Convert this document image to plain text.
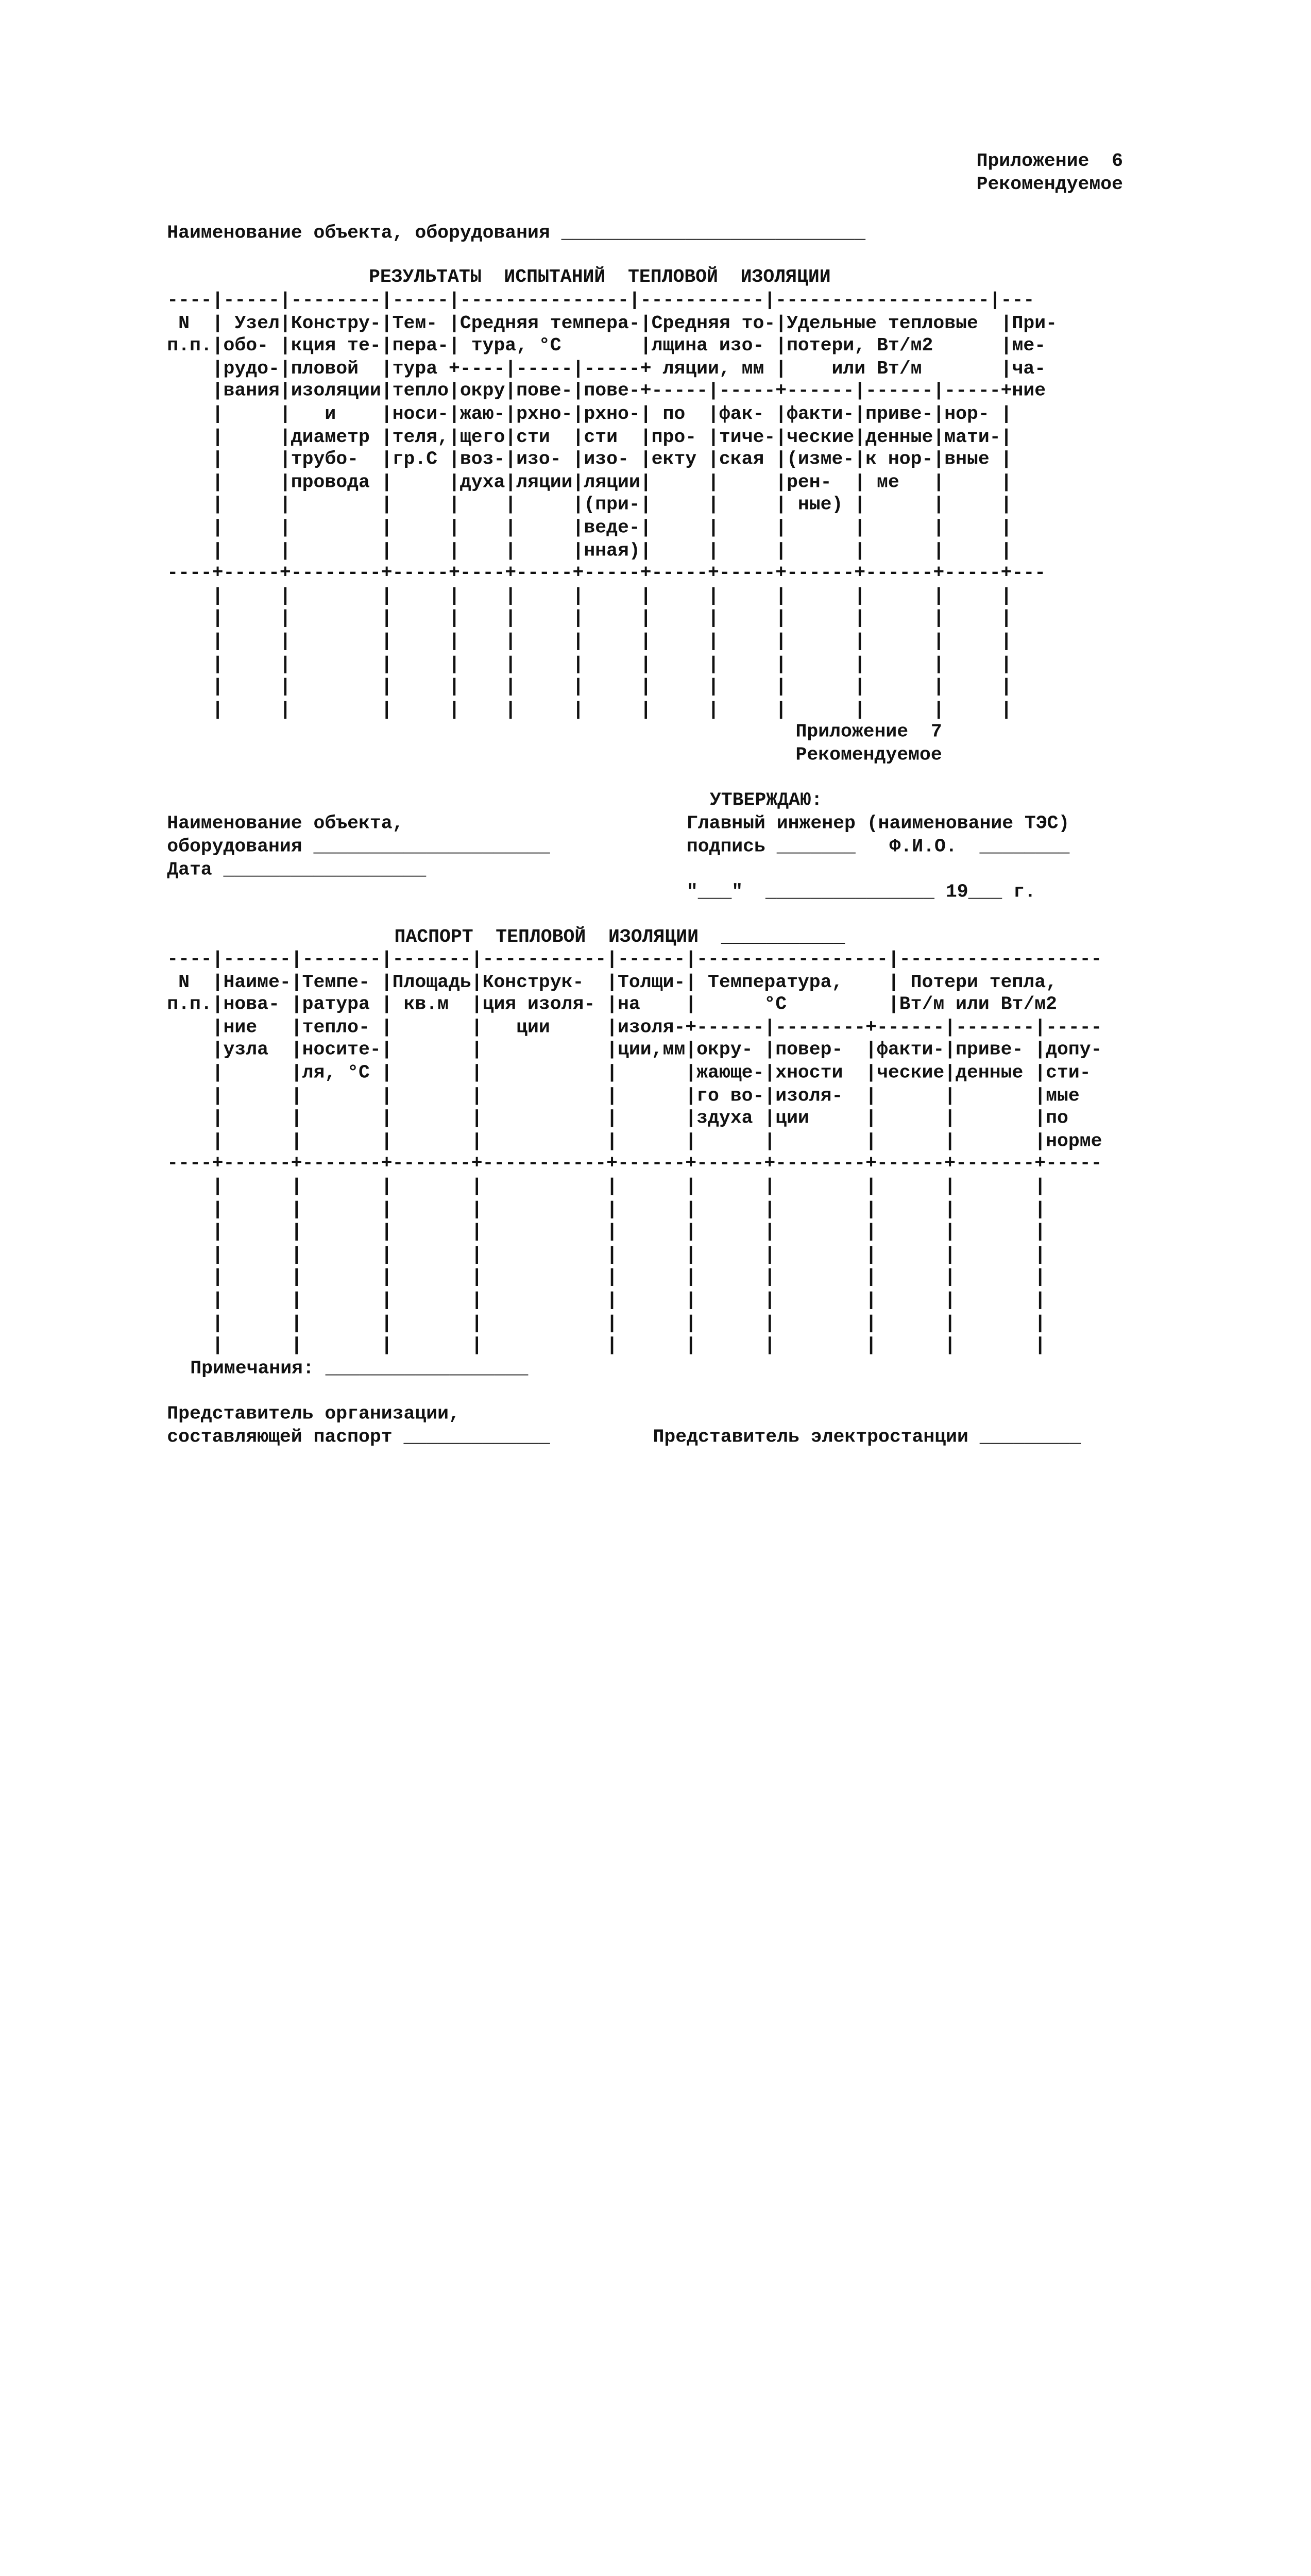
Приложение  6
Рекомендуемое
Наименование объекта, оборудования ___________________________
РЕЗУЛЬТАТЫ  ИСПЫТАНИЙ  ТЕПЛОВОЙ  ИЗОЛЯЦИИ
----|-----|--------|-----|---------------|-----------|-------------------|---
N  | Узел|Констру-|Тем- |Средняя темпера-|Средняя то-|Удельные тепловые  |При-
п.п.|обо- |кция те-|пера-| тура, °С       |лщина изо- |потери, Вт/м2      |ме-
|рудо-|пловой  |тура +----|-----|-----+ ляции, мм |    или Вт/м       |ча-
|вания|изоляции|тепло|окру|пове-|пове-+-----|-----+------|------|-----+ние
|     |   и    |носи-|жаю-|рхно-|рхно-| по  |фак- |факти-|приве-|нор- |
|     |диаметр |теля,|щего|сти  |сти  |про- |тиче-|ческие|денные|мати-|
|     |трубо-  |гр.С |воз-|изо- |изо- |екту |ская |(изме-|к нор-|вные |
|     |провода |     |духа|ляции|ляции|     |     |рен-  | ме   |     |
|     |        |     |    |     |(при-|     |     | ные) |      |     |
|     |        |     |    |     |веде-|     |     |      |      |     |
|     |        |     |    |     |нная)|     |     |      |      |     |
----+-----+--------+-----+----+-----+-----+-----+-----+------+------+-----+---
|     |        |     |    |     |     |     |     |      |      |     |
|     |        |     |    |     |     |     |     |      |      |     |
|     |        |     |    |     |     |     |     |      |      |     |
|     |        |     |    |     |     |     |     |      |      |     |
|     |        |     |    |     |     |     |     |      |      |     |
|     |        |     |    |     |     |     |     |      |      |     |
Приложение  7
Рекомендуемое
УТВЕРЖДАЮ:
Главный инженер (наименование ТЭС)
подпись _______   Ф.И.О.  ________
"___"  _______________ 19___ г.
Наименование объекта,
оборудования _____________________
Дата __________________
ПАСПОРТ  ТЕПЛОВОЙ  ИЗОЛЯЦИИ  ___________
----|------|-------|-------|-----------|------|-----------------|------------------
N  |Наиме-|Темпе- |Площадь|Конструк-  |Толщи-| Температура,    | Потери тепла,
п.п.|нова- |ратура | кв.м  |ция изоля- |на    |      °С         |Вт/м или Вт/м2
|ние   |тепло- |       |   ции     |изоля-+------|--------+------|-------|-----
|узла  |носите-|       |           |ции,мм|окру- |повер-  |факти-|приве- |допу-
|      |ля, °С |       |           |      |жающе-|хности  |ческие|денные |сти-
|      |       |       |           |      |го во-|изоля-  |      |       |мые
|      |       |       |           |      |здуха |ции     |      |       |по
|      |       |       |           |      |      |        |      |       |норме
----+------+-------+-------+-----------+------+------+--------+------+-------+-----
|      |       |       |           |      |      |        |      |       |
|      |       |       |           |      |      |        |      |       |
|      |       |       |           |      |      |        |      |       |
|      |       |       |           |      |      |        |      |       |
|      |       |       |           |      |      |        |      |       |
|      |       |       |           |      |      |        |      |       |
|      |       |       |           |      |      |        |      |       |
|      |       |       |           |      |      |        |      |       |
Примечания: __________________
Представитель организации,
составляющей паспорт _____________	Представитель электростанции _________
